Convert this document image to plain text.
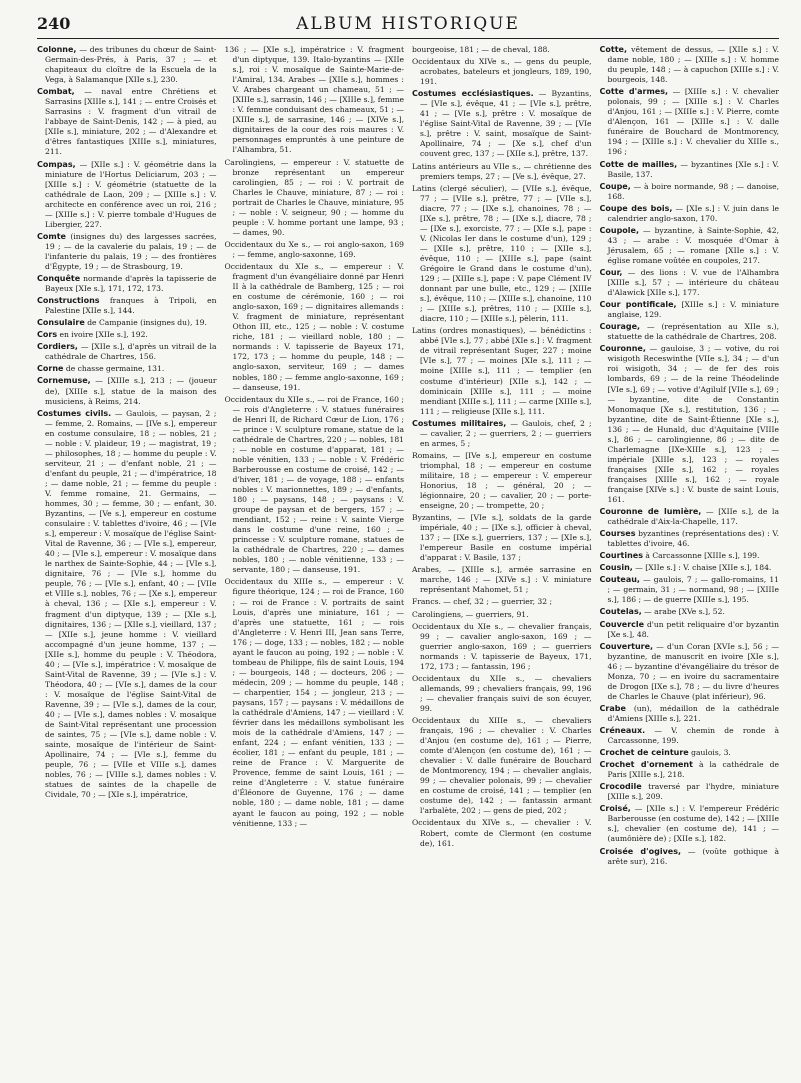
240	ALBUM HISTORIQUE

Colonne, — des tribunes du chœur de Saint-Germain-des-Prés, à Paris, 37 ; — et chapiteaux du cloître de la Escuela de la Vega, à Salamanque [XIIe s.], 230.

Combat, — naval entre Chrétiens et Sarrasins [XIIIe s.], 141 ; — entre Croisés et Sarrasins : V. fragment d'un vitrail de l'abbaye de Saint-Denis, 142 ; — à pied, au [XIIe s.], miniature, 202 ; — d'Alexandre et d'êtres fantastiques [XIIIe s.], miniatures, 211.

Compas, — [XIIe s.] : V. géométrie dans la miniature de l'Hortus Deliciarum, 203 ; — [XIIIe s.] : V. géométrie (statuette de la cathédrale de Laon, 209 ; — [XIIIe s.] : V. architecte en conférence avec un roi, 216 ; — [XIIIe s.] : V. pierre tombale d'Hugues de Libergier, 227.

Comte (insignes du) des largesses sacrées, 19 ; — de la cavalerie du palais, 19 ; — de l'infanterie du palais, 19 ; — des frontières d'Égypte, 19 ; — de Strasbourg, 19.

Conquête normande d'après la tapisserie de Bayeux [XIe s.], 171, 172, 173.

Constructions franques à Tripoli, en Palestine [XIIe s.], 144.

Consulaire de Campanie (insignes du), 19.

Cors en ivoire [XIIe s.], 192.

Cordiers, — [XIIe s.], d'après un vitrail de la cathédrale de Chartres, 156.

Corne de chasse germaine, 131.

Cornemuse, — [XIIIe s.], 213 ; — (joueur de), [XIIIe s.], statue de la maison des musiciens, à Reims, 214.

Costumes civils. — Gaulois, — paysan, 2 ; — femme, 2. Romains, — [IVe s.], empereur en costume consulaire, 18 ; — nobles, 21 ; — noble : V. plaideur, 19 ; — magistrat, 19 ; — philosophes, 18 ; — homme du peuple : V. serviteur, 21 ; — d'enfant noble, 21 ; — d'enfant du peuple, 21 ; — d'impératrice, 18 ; — dame noble, 21 ; — femme du peuple : V. femme romaine, 21. Germains, — hommes, 30 ; — femme, 30 ; — enfant, 30. Byzantins, — [Ve s.], empereur en costume consulaire : V. tablettes d'ivoire, 46 ; — [VIe s.], empereur : V. mosaïque de l'église Saint-Vital de Ravenne, 36 ; — [VIe s.], empereur, 40 ; — [VIe s.], empereur : V. mosaïque dans le narthex de Sainte-Sophie, 44 ; — [VIe s.], dignitaire, 76 ; — [VIe s.], homme du peuple, 76 ; — [VIe s.], enfant, 40 ; — [VIIe et VIIIe s.], nobles, 76 ; — [Xe s.], empereur à cheval, 136 ; — [XIe s.], empereur : V. fragment d'un diptyque, 139 ; — [XIe s.], dignitaires, 136 ; — [XIIe s.], vieillard, 137 ; — [XIIe s.], jeune homme : V. vieillard accompagné d'un jeune homme, 137 ; — [XIIe s.], homme du peuple : V. Théodora, 40 ; — [VIe s.], impératrice : V. mosaïque de Saint-Vital de Ravenne, 39 ; — [VIe s.] : V. Théodora, 40 ; — [VIe s.], dames de la cour : V. mosaïque de l'église Saint-Vital de Ravenne, 39 ; — [VIe s.], dames de la cour, 40 ; — [VIe s.], dames nobles : V. mosaïque de Saint-Vital représentant une procession de saintes, 75 ; — [VIe s.], dame noble : V. sainte, mosaïque de l'intérieur de Saint-Apollinaire, 74 ; — [VIe s.], femme du peuple, 76 ; — [VIIe et VIIIe s.], dames nobles, 76 ; — [VIIIe s.], dames nobles : V. statues de saintes de la chapelle de Cividale, 70 ; — [XIe s.], impératrice,

136 ; — [XIe s.], impératrice : V. fragment d'un diptyque, 139. Italo-byzantins — [XIIe s.], roi : V. mosaïque de Sainte-Marie-de-l'Amiral, 134. Arabes — [XIIe s.], hommes : V. Arabes chargeant un chameau, 51 ; — [XIIIe s.], sarrasin, 146 ; — [XIIIe s.], femme : V. femme conduisant des chameaux, 51 ; — [XIIIe s.], de sarrasine, 146 ; — [XIVe s.], dignitaires de la cour des rois maures : V. personnages empruntés à une peinture de l'Alhambra, 51.

Carolingiens, — empereur : V. statuette de bronze représentant un empereur carolingien, 85 ; — roi : V. portrait de Charles le Chauve, miniature, 87 ; — roi : portrait de Charles le Chauve, miniature, 95 ; — noble : V. seigneur, 90 ; — homme du peuple : V. homme portant une lampe, 93 ; — dames, 90.

Occidentaux du Xe s., — roi anglo-saxon, 169 ; — femme, anglo-saxonne, 169.

Occidentaux du XIe s., — empereur : V. fragment d'un évangéliaire donné par Henri II à la cathédrale de Bamberg, 125 ; — roi en costume de cérémonie, 160 ; — roi anglo-saxon, 169 ; — dignitaires allemands : V. fragment de miniature, représentant Othon III, etc., 125 ; — noble : V. costume riche, 181 ; — vieillard noble, 180 ; — normands : V. tapisserie de Bayeux 171, 172, 173 ; — homme du peuple, 148 ; — anglo-saxon, serviteur, 169 ; — dames nobles, 180 ; — femme anglo-saxonne, 169 ; — danseuse, 191.

Occidentaux du XIIe s., — roi de France, 160 ; — rois d'Angleterre : V. statues funéraires de Henri II, de Richard Cœur de Lion, 176 ; — prince : V. sculpture romane, statue de la cathédrale de Chartres, 220 ; — nobles, 181 ; — noble en costume d'apparat, 181 ; — noble vénitien, 133 ; — noble : V. Frédéric Barberousse en costume de croisé, 142 ; — d'hiver, 181 ; — de voyage, 188 ; — enfants nobles : V. marionnettes, 189 ; — d'enfants, 180 ; — paysans, 148 ; — paysans : V. groupe de paysan et de bergers, 157 ; — mendiant, 152 ; — reine : V. sainte Vierge dans le costume d'une reine, 160 ; — princesse : V. sculpture romane, statues de la cathédrale de Chartres, 220 ; — dames nobles, 180 ; — noble vénitienne, 133 ; — servante, 180 ; — danseuse, 191.

Occidentaux du XIIIe s., — empereur : V. figure théorique, 124 ; — roi de France, 160 ; — roi de France : V. portraits de saint Louis, d'après une miniature, 161 ; — d'après une statuette, 161 ; — rois d'Angleterre : V. Henri III, Jean sans Terre, 176 ; — doge, 133 ; — nobles, 182 ; — noble ayant le faucon au poing, 192 ; — noble : V. tombeau de Philippe, fils de saint Louis, 194 ; — bourgeois, 148 ; — docteurs, 206 ; — médecin, 209 ; — homme du peuple, 148 ; — charpentier, 154 ; — jongleur, 213 ; — paysans, 157 ; — paysans : V. médaillons de la cathédrale d'Amiens, 147 ; — vieillard : V. février dans les médaillons symbolisant les mois de la cathédrale d'Amiens, 147 ; — enfant, 224 ; — enfant vénitien, 133 ; — écolier, 181 ; — enfant du peuple, 181 ; — reine de France : V. Marguerite de Provence, femme de saint Louis, 161 ; — reine d'Angleterre : V. statue funéraire d'Éléonore de Guyenne, 176 ; — dame noble, 180 ; — dame noble, 181 ; — dame ayant le faucon au poing, 192 ; — noble vénitienne, 133 ; —

bourgeoise, 181 ; — de cheval, 188.

Occidentaux du XIVe s., — gens du peuple, acrobates, bateleurs et jongleurs, 189, 190, 191.

Costumes ecclésiastiques. — Byzantins, — [VIe s.], évêque, 41 ; — [VIe s.], prêtre, 41 ; — [VIe s.], prêtre : V. mosaïque de l'église Saint-Vital de Ravenne, 39 ; — [VIe s.], prêtre : V. saint, mosaïque de Saint-Apollinaire, 74 ; — [Xe s.], chef d'un couvent grec, 137 ; — [XIIe s.], prêtre, 137.

Latins antérieurs au VIIe s., — chrétienne des premiers temps, 27 ; — [Ve s.], évêque, 27.

Latins (clergé séculier), — [VIIe s.], évêque, 77 ; — [VIIe s.], prêtre, 77 ; — [VIIe s.], diacre, 77 ; — [IXe s.], chanoines, 78 ; — [IXe s.], prêtre, 78 ; — [IXe s.], diacre, 78 ; — [IXe s.], exorciste, 77 ; — [XIe s.], pape : V. (Nicolas Ier dans le costume d'un), 129 ; — [XIIe s.], prêtre, 110 ; — [XIIe s.], évêque, 110 ; — [XIIIe s.], pape (saint Grégoire le Grand dans le costume d'un), 129 ; — [XIIIe s.], pape : V. pape Clément IV donnant par une bulle, etc., 129 ; — [XIIIe s.], évêque, 110 ; — [XIIIe s.], chanoine, 110 ; — [XIIIe s.], prêtres, 110 ; — [XIIIe s.], diacre, 110 ; — [XIIIe s.], pèlerin, 111.

Latins (ordres monastiques), — bénédictins : abbé [VIe s.], 77 ; abbé [XIe s.] : V. fragment de vitrail représentant Suger, 227 ; moine [VIe s.], 77 ; — moines [XIe s.], 111 ; — moine [XIIIe s.], 111 ; — templier (en costume d'intérieur) [XIIe s.], 142 ; — dominicain [XIIIe s.], 111 ; — moine mendiant [XIIIe s.], 111 ; — carme [XIIIe s.], 111 ; — religieuse [XIIe s.], 111.

Costumes militaires, — Gaulois, chef, 2 ; — cavalier, 2 ; — guerriers, 2 ; — guerriers en armes, 5 ;

Romains, — [IVe s.], empereur en costume triomphal, 18 ; — empereur en costume militaire, 18 ; — empereur : V. empereur Honorius, 18 ; — général, 20 ; — légionnaire, 20 ; — cavalier, 20 ; — porte-enseigne, 20 ; — trompette, 20 ;

Byzantins, — [VIe s.], soldats de la garde impériale, 40 ; — [IXe s.], officier à cheval, 137 ; — [IXe s.], guerriers, 137 ; — [XIe s.], l'empereur Basile en costume impérial d'apparat : V. Basile, 137 ;

Arabes, — [XIIIe s.], armée sarrasine en marche, 146 ; — [XIVe s.] : V. miniature représentant Mahomet, 51 ;

Francs. — chef, 32 ; — guerrier, 32 ;

Carolingiens, — guerriers, 91.

Occidentaux du XIe s., — chevalier français, 99 ; — cavalier anglo-saxon, 169 ; — guerrier anglo-saxon, 169 ; — guerriers normands : V. tapisserie de Bayeux, 171, 172, 173 ; — fantassin, 196 ;

Occidentaux du XIIe s., — chevaliers allemands, 99 ; chevaliers français, 99, 196 ; — chevalier français suivi de son écuyer, 99.

Occidentaux du XIIIe s., — chevaliers français, 196 ; — chevalier : V. Charles d'Anjou (en costume de), 161 ; — Pierre, comte d'Alençon (en costume de), 161 ; — chevalier : V. dalle funéraire de Bouchard de Montmorency, 194 ; — chevalier anglais, 99 ; — chevalier polonais, 99 ; — chevalier en costume de croisé, 141 ; — templier (en costume de), 142 ; — fantassin armant l'arbalète, 202 ; — gens de pied, 202 ;

Occidentaux du XIVe s., — chevalier : V. Robert, comte de Clermont (en costume de), 161.

Cotte, vêtement de dessus, — [XIIe s.] : V. dame noble, 180 ; — [XIIIe s.] : V. homme du peuple, 148 ; — à capuchon [XIIIe s.] : V. bourgeois, 148.

Cotte d'armes, — [XIIIe s.] : V. chevalier polonais, 99 ; — [XIIIe s.] : V. Charles d'Anjou, 161 ; — [XIIIe s.] : V. Pierre, comte d'Alençon, 161 — [XIIIe s.] : V. dalle funéraire de Bouchard de Montmorency, 194 ; — [XIIIe s.] : V. chevalier du XIIIe s., 196 ;

Cotte de mailles, — byzantines [XIe s.] : V. Basile, 137.

Coupe, — à boire normande, 98 ; — danoise, 168.

Coupe des bois, — [XIe s.] : V. juin dans le calendrier anglo-saxon, 170.

Coupole, — byzantine, à Sainte-Sophie, 42, 43 ; — arabe : V. mosquée d'Omar à Jérusalem, 65 ; — romane [XIIe s.] : V. église romane voûtée en coupoles, 217.

Cour, — des lions : V. vue de l'Alhambra [XIIIe s.], 57 ; — intérieure du château d'Alawick [XIIe s.], 177.

Cour pontificale, [XIIIe s.] : V. miniature anglaise, 129.

Courage, — (représentation au XIIe s.), statuette de la cathédrale de Chartres, 208.

Couronne, — gauloise, 3 ; — votive, du roi wisigoth Receswinthe [VIIe s.], 34 ; — d'un roi wisigoth, 34 ; — de fer des rois lombards, 69 ; — de la reine Théodelinde [VIe s.], 69 ; — votive d'Agilulf [VIIe s.], 69 ; — byzantine, dite de Constantin Monomaque [Xe s.], restitution, 136 ; — byzantine, dite de Saint-Étienne [XIe s.], 136 ; — de Hunald, duc d'Aquitaine [VIIIe s.], 86 ; — carolingienne, 86 ; — dite de Charlemagne [IXe-XIIIe s.], 123 ; — impériale [XIIIe s.], 123 ; — royales françaises [XIIe s.], 162 ; — royales françaises [XIIIe s.], 162 ; — royale française [XIVe s.] : V. buste de saint Louis, 161.

Couronne de lumière, — [XIIe s.], de la cathédrale d'Aix-la-Chapelle, 117.

Courses byzantines (représentations des) : V. tablettes d'ivoire, 46.

Courtines à Carcassonne [XIIIe s.], 199.

Cousin, — [XIIe s.] : V. chaise [XIIe s.], 184.

Couteau, — gaulois, 7 ; — gallo-romains, 11 ; — germain, 31 ; — normand, 98 ; — [XIIIe s.], 186 ; — de guerre [XIIIe s.], 195.

Coutelas, — arabe [XVe s.], 52.

Couvercle d'un petit reliquaire d'or byzantin [Xe s.], 48.

Couverture, — d'un Coran [XVIe s.], 56 ; — byzantine, de manuscrit en ivoire [XIe s.], 46 ; — byzantine d'évangéliaire du trésor de Monza, 70 ; — en ivoire du sacramentaire de Drogon [IXe s.], 78 ; — du livre d'heures de Charles le Chauve (plat inférieur), 96.

Crabe (un), médaillon de la cathédrale d'Amiens [XIIIe s.], 221.

Créneaux. — V. chemin de ronde à Carcassonne, 199.

Crochet de ceinture gaulois, 3.

Crochet d'ornement à la cathédrale de Paris [XIIIe s.], 218.

Crocodile traversé par l'hydre, miniature [XIIIe s.], 209.

Croisé, — [XIIe s.] : V. l'empereur Frédéric Barberousse (en costume de), 142 ; — [XIIIe s.], chevalier (en costume de), 141 ; — (aumônière de) ; [XIIe s.], 182.

Croisée d'ogives, — (voûte gothique à arête sur), 216.
